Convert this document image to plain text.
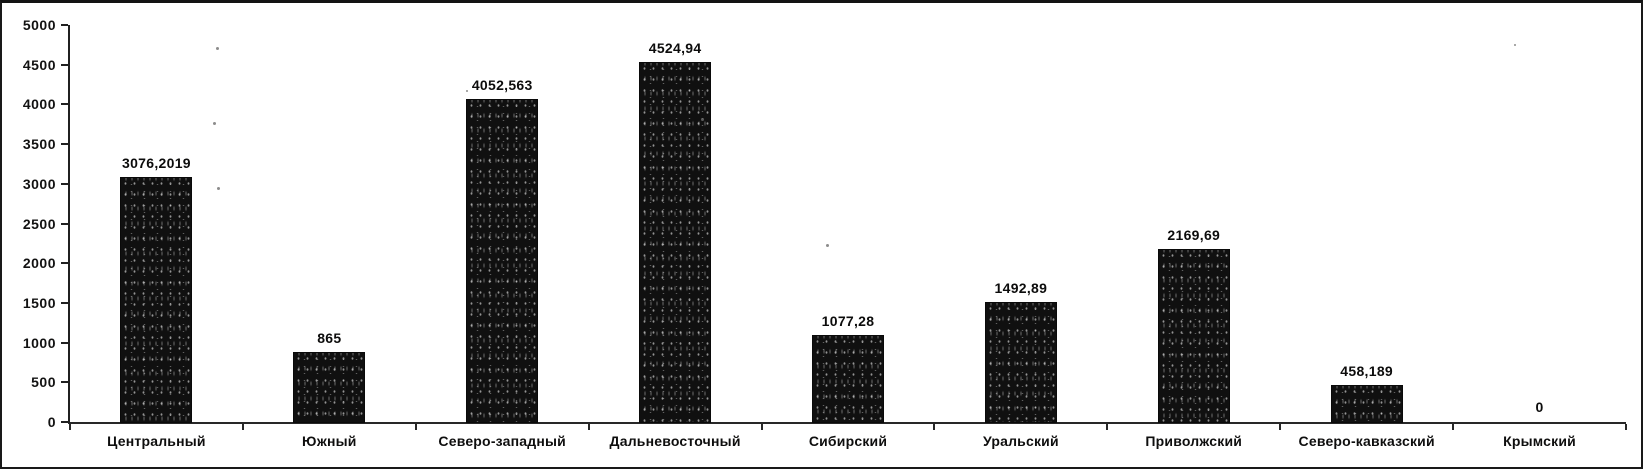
0
500
1000
1500
2000
2500
3000
3500
4000
4500
5000
3076,2019
865
4052,563
4524,94
1077,28
1492,89
2169,69
458,189
0
Центральный	Южный	Северо-западный	Дальневосточный	Сибирский	Уральский	Приволжский	Северо-кавказский	Крымский
